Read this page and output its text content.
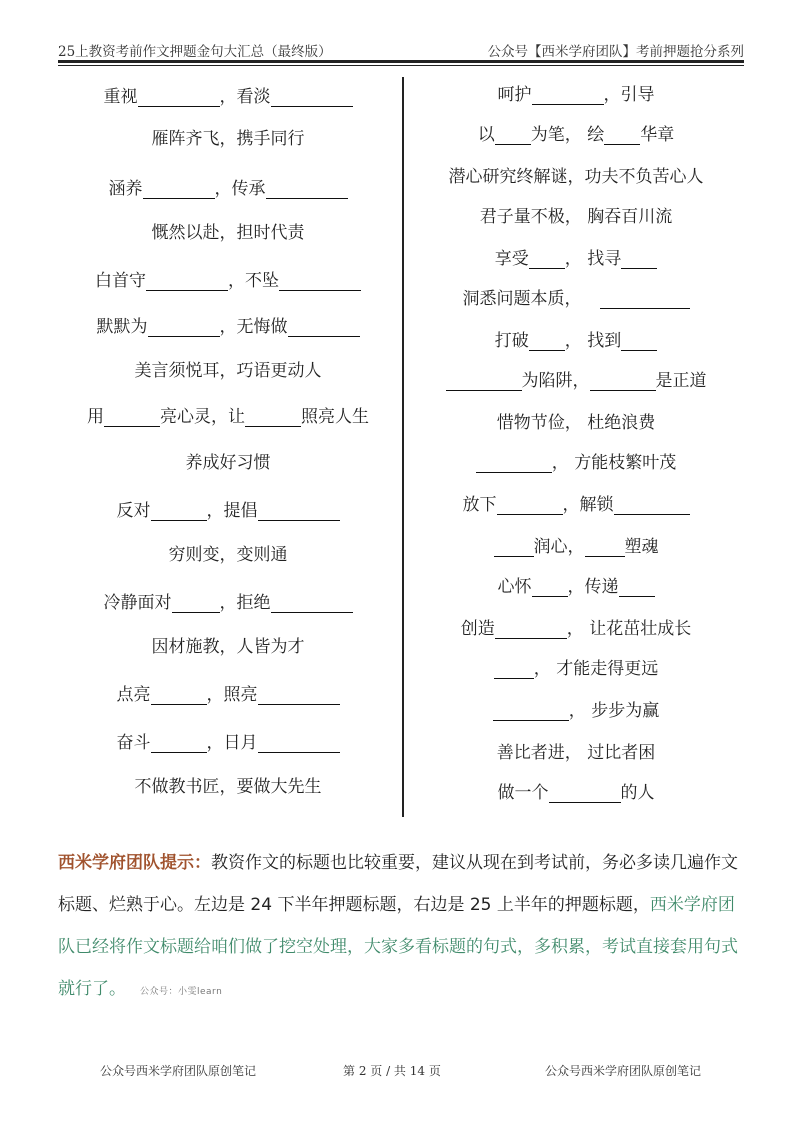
25上教资考前作文押题金句大汇总（最终版）	公众号【西米学府团队】考前押题抢分系列
重视	，看淡
雁阵齐飞，携手同行
涵养	，传承
慨然以赴，担时代责
白首守	，不坠
默默为	，无悔做
美言须悦耳，巧语更动人
用	亮心灵，让	照亮人生
养成好习惯
反对	，提倡
穷则变，变则通
冷静面对	，拒绝
因材施教，人皆为才
点亮	，照亮
奋斗	，日月
不做教书匠，要做大先生
呵护	，引导
以 为笔， 绘 华章
潜心研究终解谜，功夫不负苦心人
君子量不极， 胸吞百川流
享受 ， 找寻
洞悉问题本质，
打破 ， 找到
为陷阱，	是正道
惜物节俭， 杜绝浪费
， 方能枝繁叶茂
放下	，解锁
润心， 塑魂
心怀 ，传递
创造	， 让花茁壮成长
， 才能走得更远
， 步步为赢
善比者进， 过比者困
做一个	的人
西米学府团队提示：教资作文的标题也比较重要，建议从现在到考试前，务必多读几遍作文标题、烂熟于心。左边是 24 下半年押题标题，右边是 25 上半年的押题标题，西米学府团队已经将作文标题给咱们做了挖空处理，大家多看标题的句式，多积累，考试直接套用句式就行了。 公众号：小雯learn
公众号西米学府团队原创笔记	第 2 页 / 共 14 页	公众号西米学府团队原创笔记
